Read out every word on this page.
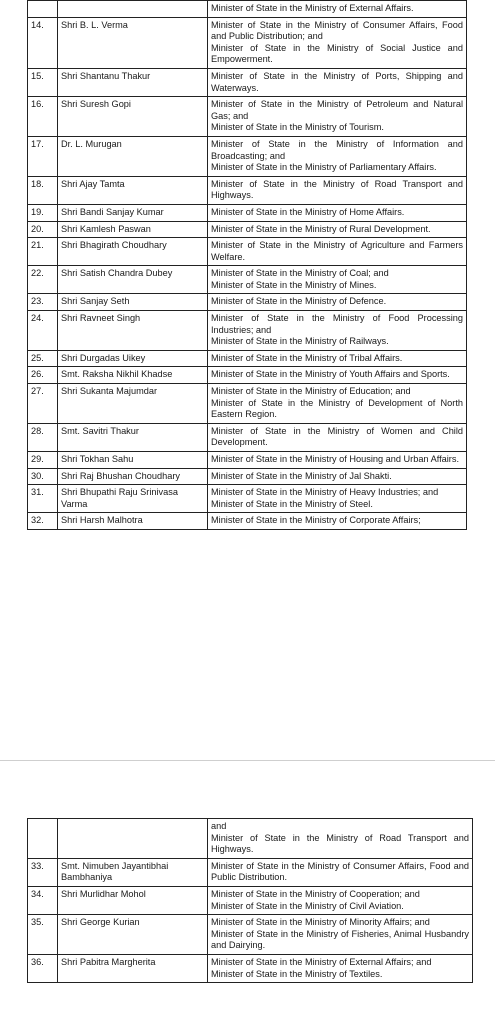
		Minister of State in the Ministry of External Affairs.

14.	Shri B. L. Verma	Minister of State in the Ministry of Consumer Affairs, Food and Public Distribution; and
Minister of State in the Ministry of Social Justice and Empowerment.

15.	Shri Shantanu Thakur	Minister of State in the Ministry of Ports, Shipping and Waterways.

16.	Shri Suresh Gopi	Minister of State in the Ministry of Petroleum and Natural Gas; and
Minister of State in the Ministry of Tourism.

17.	Dr. L. Murugan	Minister of State in the Ministry of Information and Broadcasting; and
Minister of State in the Ministry of Parliamentary Affairs.

18.	Shri Ajay Tamta	Minister of State in the Ministry of Road Transport and Highways.

19.	Shri Bandi Sanjay Kumar	Minister of State in the Ministry of Home Affairs.

20.	Shri Kamlesh Paswan	Minister of State in the Ministry of Rural Development.

21.	Shri Bhagirath Choudhary	Minister of State in the Ministry of Agriculture and Farmers Welfare.

22.	Shri Satish Chandra Dubey	Minister of State in the Ministry of Coal; and
Minister of State in the Ministry of Mines.

23.	Shri Sanjay Seth	Minister of State in the Ministry of Defence.

24.	Shri Ravneet Singh	Minister of State in the Ministry of Food Processing Industries; and
Minister of State in the Ministry of Railways.

25.	Shri Durgadas Uikey	Minister of State in the Ministry of Tribal Affairs.

26.	Smt. Raksha Nikhil Khadse	Minister of State in the Ministry of Youth Affairs and Sports.

27.	Shri Sukanta Majumdar	Minister of State in the Ministry of Education; and
Minister of State in the Ministry of Development of North Eastern Region.

28.	Smt. Savitri Thakur	Minister of State in the Ministry of Women and Child Development.

29.	Shri Tokhan Sahu	Minister of State in the Ministry of Housing and Urban Affairs.

30.	Shri Raj Bhushan Choudhary	Minister of State in the Ministry of Jal Shakti.

31.	Shri Bhupathi Raju Srinivasa Varma	Minister of State in the Ministry of Heavy Industries; and
Minister of State in the Ministry of Steel.

32.	Shri Harsh Malhotra	Minister of State in the Ministry of Corporate Affairs;

		and
Minister of State in the Ministry of Road Transport and Highways.

33.	Smt. Nimuben Jayantibhai Bambhaniya	Minister of State in the Ministry of Consumer Affairs, Food and Public Distribution.

34.	Shri Murlidhar Mohol	Minister of State in the Ministry of Cooperation; and
Minister of State in the Ministry of Civil Aviation.

35.	Shri George Kurian	Minister of State in the Ministry of Minority Affairs; and
Minister of State in the Ministry of Fisheries, Animal Husbandry and Dairying.

36.	Shri Pabitra Margherita	Minister of State in the Ministry of External Affairs; and
Minister of State in the Ministry of Textiles.
